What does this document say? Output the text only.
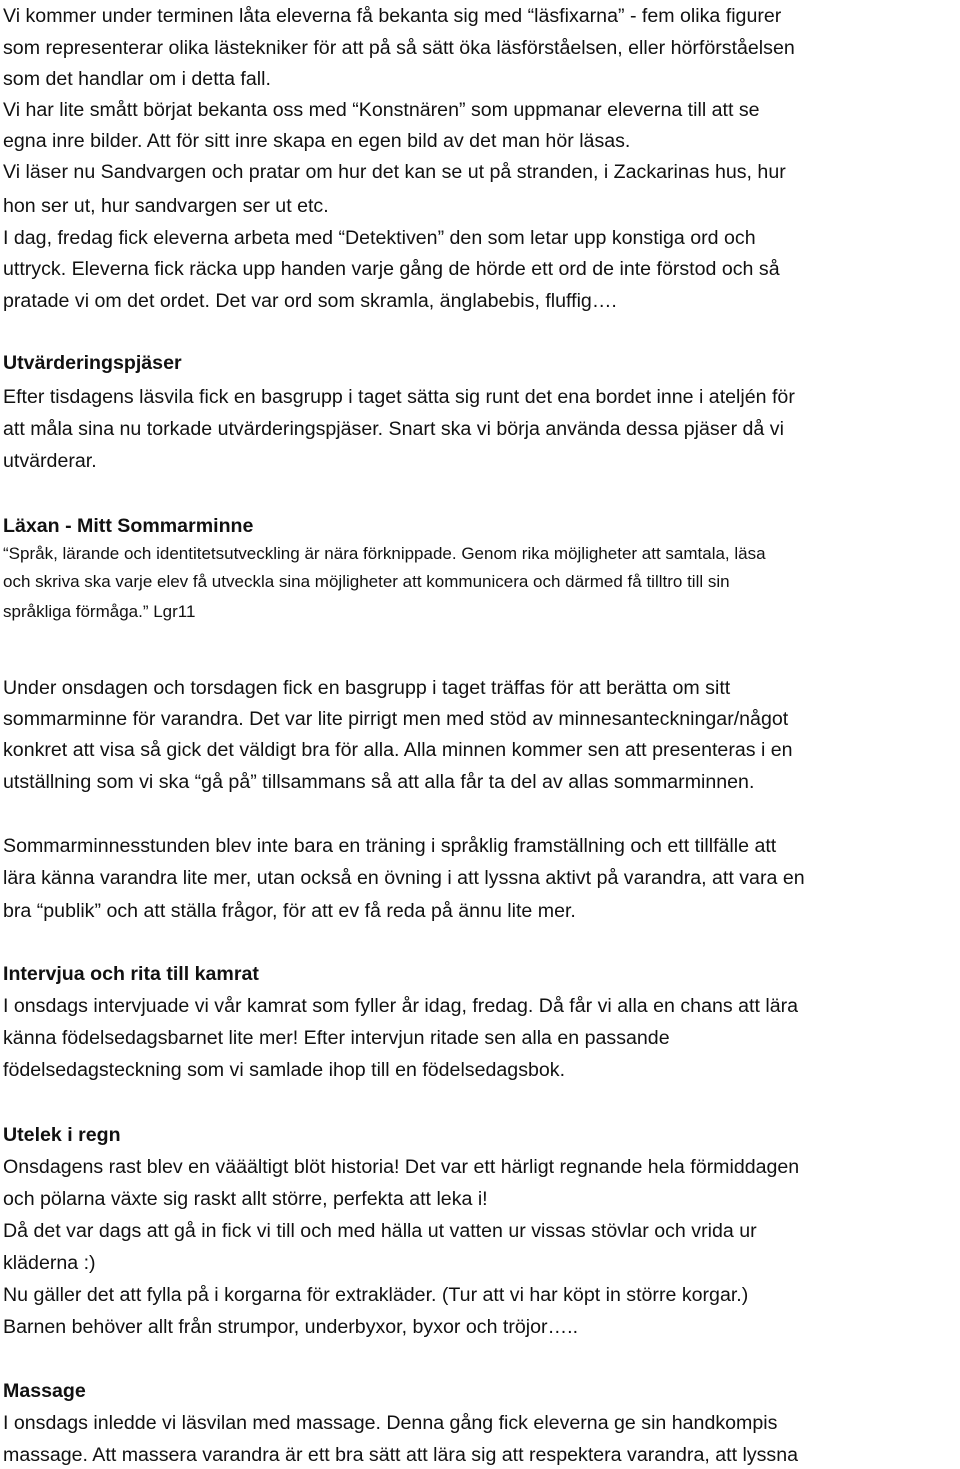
Vi kommer under terminen låta eleverna få bekanta sig med “läsfixarna” - fem olika figurer
som representerar olika lästekniker för att på så sätt öka läsförståelsen, eller hörförståelsen
som det handlar om i detta fall.
Vi har lite smått börjat bekanta oss med “Konstnären” som uppmanar eleverna till att se
egna inre bilder. Att för sitt inre skapa en egen bild av det man hör läsas.
Vi läser nu Sandvargen och pratar om hur det kan se ut på stranden, i Zackarinas hus, hur
hon ser ut, hur sandvargen ser ut etc.
I dag, fredag fick eleverna arbeta med “Detektiven” den som letar upp konstiga ord och
uttryck. Eleverna fick räcka upp handen varje gång de hörde ett ord de inte förstod och så
pratade vi om det ordet. Det var ord som skramla, änglabebis, fluffig….
Utvärderingspjäser
Efter tisdagens läsvila fick en basgrupp i taget sätta sig runt det ena bordet inne i ateljén för
att måla sina nu torkade utvärderingspjäser. Snart ska vi börja använda dessa pjäser då vi
utvärderar.
Läxan - Mitt Sommarminne
“Språk, lärande och identitetsutveckling är nära förknippade. Genom rika möjligheter att samtala, läsa
och skriva ska varje elev få utveckla sina möjligheter att kommunicera och därmed få tilltro till sin
språkliga förmåga.” Lgr11
Under onsdagen och torsdagen fick en basgrupp i taget träffas för att berätta om sitt
sommarminne för varandra. Det var lite pirrigt men med stöd av minnesanteckningar/något
konkret att visa så gick det väldigt bra för alla. Alla minnen kommer sen att presenteras i en
utställning som vi ska “gå på” tillsammans så att alla får ta del av allas sommarminnen.
Sommarminnesstunden blev inte bara en träning i språklig framställning och ett tillfälle att
lära känna varandra lite mer, utan också en övning i att lyssna aktivt på varandra, att vara en
bra “publik” och att ställa frågor, för att ev få reda på ännu lite mer.
Intervjua och rita till kamrat
I onsdags intervjuade vi vår kamrat som fyller år idag, fredag. Då får vi alla en chans att lära
känna födelsedagsbarnet lite mer! Efter intervjun ritade sen alla en passande
födelsedagsteckning som vi samlade ihop till en födelsedagsbok.
Utelek i regn
Onsdagens rast blev en vääältigt blöt historia! Det var ett härligt regnande hela förmiddagen
och pölarna växte sig raskt allt större, perfekta att leka i!
Då det var dags att gå in fick vi till och med hälla ut vatten ur vissas stövlar och vrida ur
kläderna :)
Nu gäller det att fylla på i korgarna för extrakläder. (Tur att vi har köpt in större korgar.)
Barnen behöver allt från strumpor, underbyxor, byxor och tröjor…..
Massage
I onsdags inledde vi läsvilan med massage. Denna gång fick eleverna ge sin handkompis
massage. Att massera varandra är ett bra sätt att lära sig att respektera varandra, att lyssna
